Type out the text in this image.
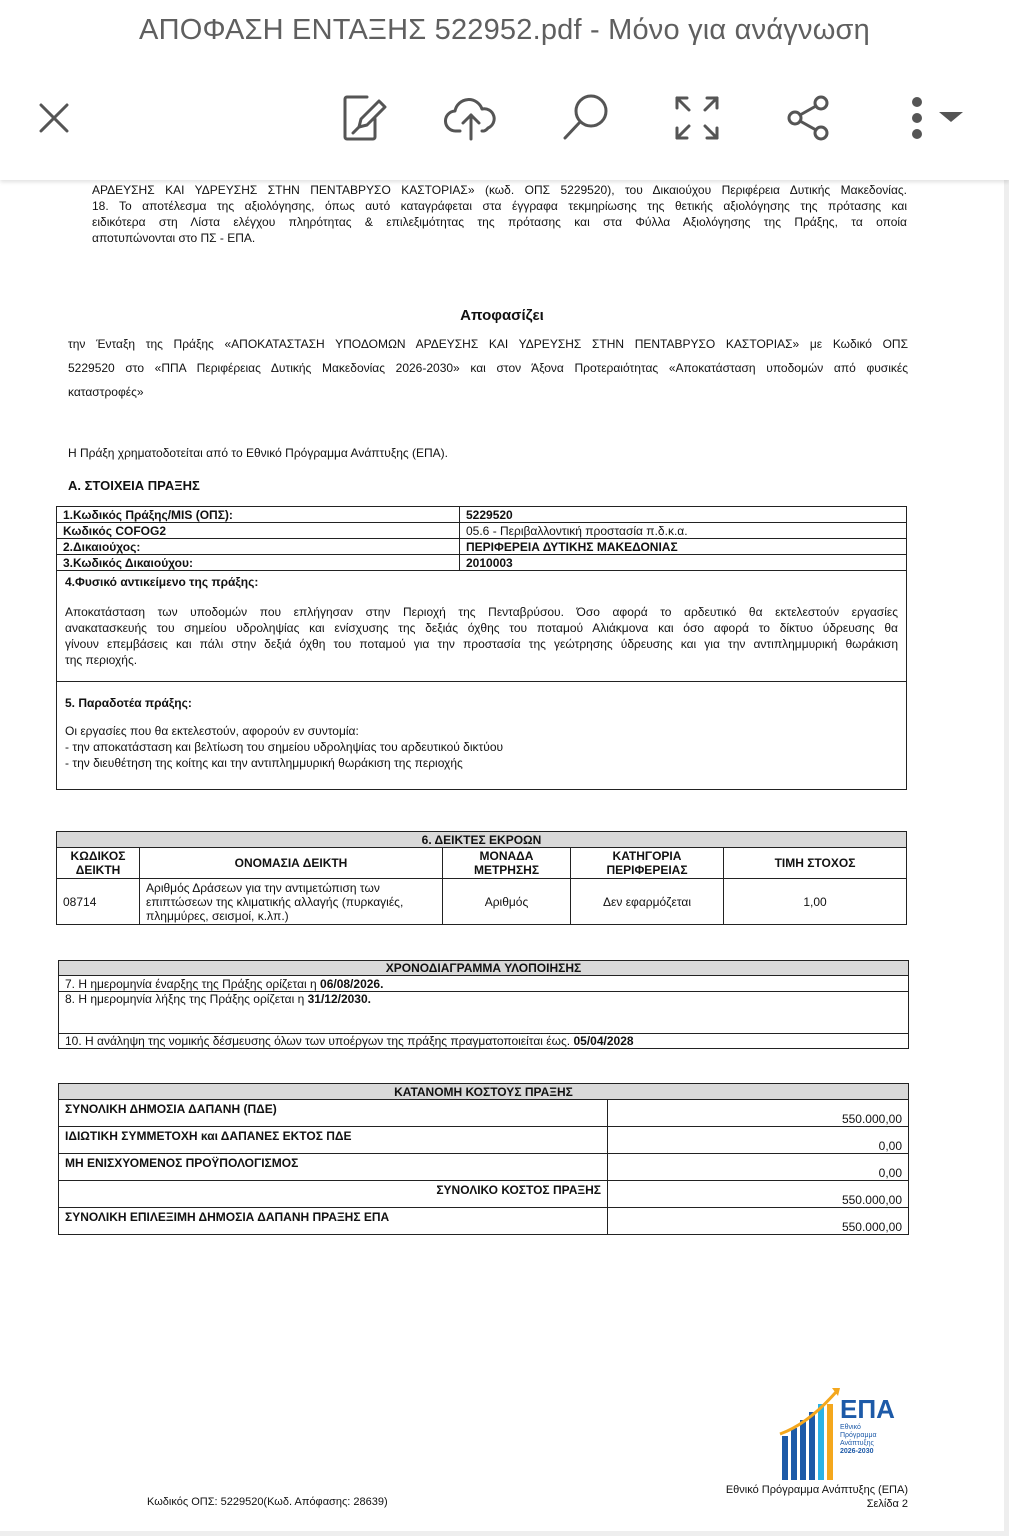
ΑΠΟΦΑΣΗ ΕΝΤΑΞΗΣ 522952.pdf - Μόνο για ανάγνωση
ΑΡΔΕΥΣΗΣ ΚΑΙ ΥΔΡΕΥΣΗΣ ΣΤΗΝ ΠΕΝΤΑΒΡΥΣΟ ΚΑΣΤΟΡΙΑΣ» (κωδ. ΟΠΣ 5229520), του Δικαιούχου Περιφέρεια Δυτικής Μακεδονίας.
18. Το αποτέλεσμα της αξιολόγησης, όπως αυτό καταγράφεται στα έγγραφα τεκμηρίωσης της θετικής αξιολόγησης της πρότασης και
ειδικότερα στη Λίστα ελέγχου πληρότητας & επιλεξιμότητας της πρότασης και στα Φύλλα Αξιολόγησης της Πράξης, τα οποία
αποτυπώνονται στο ΠΣ - ΕΠΑ.
Αποφασίζει
την Ένταξη της Πράξης «ΑΠΟΚΑΤΑΣΤΑΣΗ ΥΠΟΔΟΜΩΝ ΑΡΔΕΥΣΗΣ ΚΑΙ ΥΔΡΕΥΣΗΣ ΣΤΗΝ ΠΕΝΤΑΒΡΥΣΟ ΚΑΣΤΟΡΙΑΣ» με Κωδικό ΟΠΣ
5229520 στο «ΠΠΑ Περιφέρειας Δυτικής Μακεδονίας 2026-2030» και στον Άξονα Προτεραιότητας «Αποκατάσταση υποδομών από φυσικές
καταστροφές»
Η Πράξη χρηματοδοτείται από το Εθνικό Πρόγραμμα Ανάπτυξης (ΕΠΑ).
Α. ΣΤΟΙΧΕΙΑ ΠΡΑΞΗΣ
1.Κωδικός Πράξης/MIS (ΟΠΣ):	5229520
Κωδικός COFOG2	05.6 - Περιβαλλοντική προστασία π.δ.κ.α.
2.Δικαιούχος:	ΠΕΡΙΦΕΡΕΙΑ ΔΥΤΙΚΗΣ ΜΑΚΕΔΟΝΙΑΣ
3.Κωδικός Δικαιούχου:	2010003
4.Φυσικό αντικείμενο της πράξης:
Αποκατάσταση των υποδομών που επλήγησαν στην Περιοχή της Πενταβρύσου. Όσο αφορά το αρδευτικό θα εκτελεστούν εργασίες
ανακατασκευής του σημείου υδροληψίας και ενίσχυσης της δεξιάς όχθης του ποταμού Αλιάκμονα και όσο αφορά το δίκτυο ύδρευσης θα
γίνουν επεμβάσεις και πάλι στην δεξιά όχθη του ποταμού για την προστασία της γεώτρησης ύδρευσης και για την αντιπλημμυρική θωράκιση
της περιοχής.
5. Παραδοτέα πράξης:
Οι εργασίες που θα εκτελεστούν, αφορούν εν συντομία:
- την αποκατάσταση και βελτίωση του σημείου υδροληψίας του αρδευτικού δικτύου
- την διευθέτηση της κοίτης και την αντιπλημμυρική θωράκιση της περιοχής
6. ΔΕΙΚΤΕΣ ΕΚΡΟΩΝ				
ΚΩΔΙΚΟΣ ΔΕΙΚΤΗ	ΟΝΟΜΑΣΙΑ ΔΕΙΚΤΗ	ΜΟΝΑΔΑ ΜΕΤΡΗΣΗΣ	ΚΑΤΗΓΟΡΙΑ ΠΕΡΙΦΕΡΕΙΑΣ	ΤΙΜΗ ΣΤΟΧΟΣ
08714	Αριθμός Δράσεων για την αντιμετώπιση των επιπτώσεων της κλιματικής αλλαγής (πυρκαγιές, πλημμύρες, σεισμοί, κ.λπ.)	Αριθμός	Δεν εφαρμόζεται	1,00
ΧΡΟΝΟΔΙΑΓΡΑΜΜΑ ΥΛΟΠΟΙΗΣΗΣ
7. Η ημερομηνία έναρξης της Πράξης ορίζεται η 06/08/2026.
8. Η ημερομηνία λήξης της Πράξης ορίζεται η 31/12/2030.

10. Η ανάληψη της νομικής δέσμευσης όλων των υποέργων της πράξης πραγματοποιείται έως. 05/04/2028
ΚΑΤΑΝΟΜΗ ΚΟΣΤΟΥΣ ΠΡΑΞΗΣ	
ΣΥΝΟΛΙΚΗ ΔΗΜΟΣΙΑ ΔΑΠΑΝΗ (ΠΔΕ)	550.000,00
ΙΔΙΩΤΙΚΗ ΣΥΜΜΕΤΟΧΗ και ΔΑΠΑΝΕΣ ΕΚΤΟΣ ΠΔΕ	0,00
ΜΗ ΕΝΙΣΧΥΟΜΕΝΟΣ ΠΡΟΫΠΟΛΟΓΙΣΜΟΣ	0,00
ΣΥΝΟΛΙΚΟ ΚΟΣΤΟΣ ΠΡΑΞΗΣ	550.000,00
ΣΥΝΟΛΙΚΗ ΕΠΙΛΕΞΙΜΗ ΔΗΜΟΣΙΑ ΔΑΠΑΝΗ ΠΡΑΞΗΣ ΕΠΑ	550.000,00
ΕΠΑ
Εθνικό
Πρόγραμμα
Ανάπτυξης
2026-2030
Κωδικός ΟΠΣ: 5229520(Κωδ. Απόφασης: 28639)
Εθνικό Πρόγραμμα Ανάπτυξης (ΕΠΑ)
Σελίδα 2
